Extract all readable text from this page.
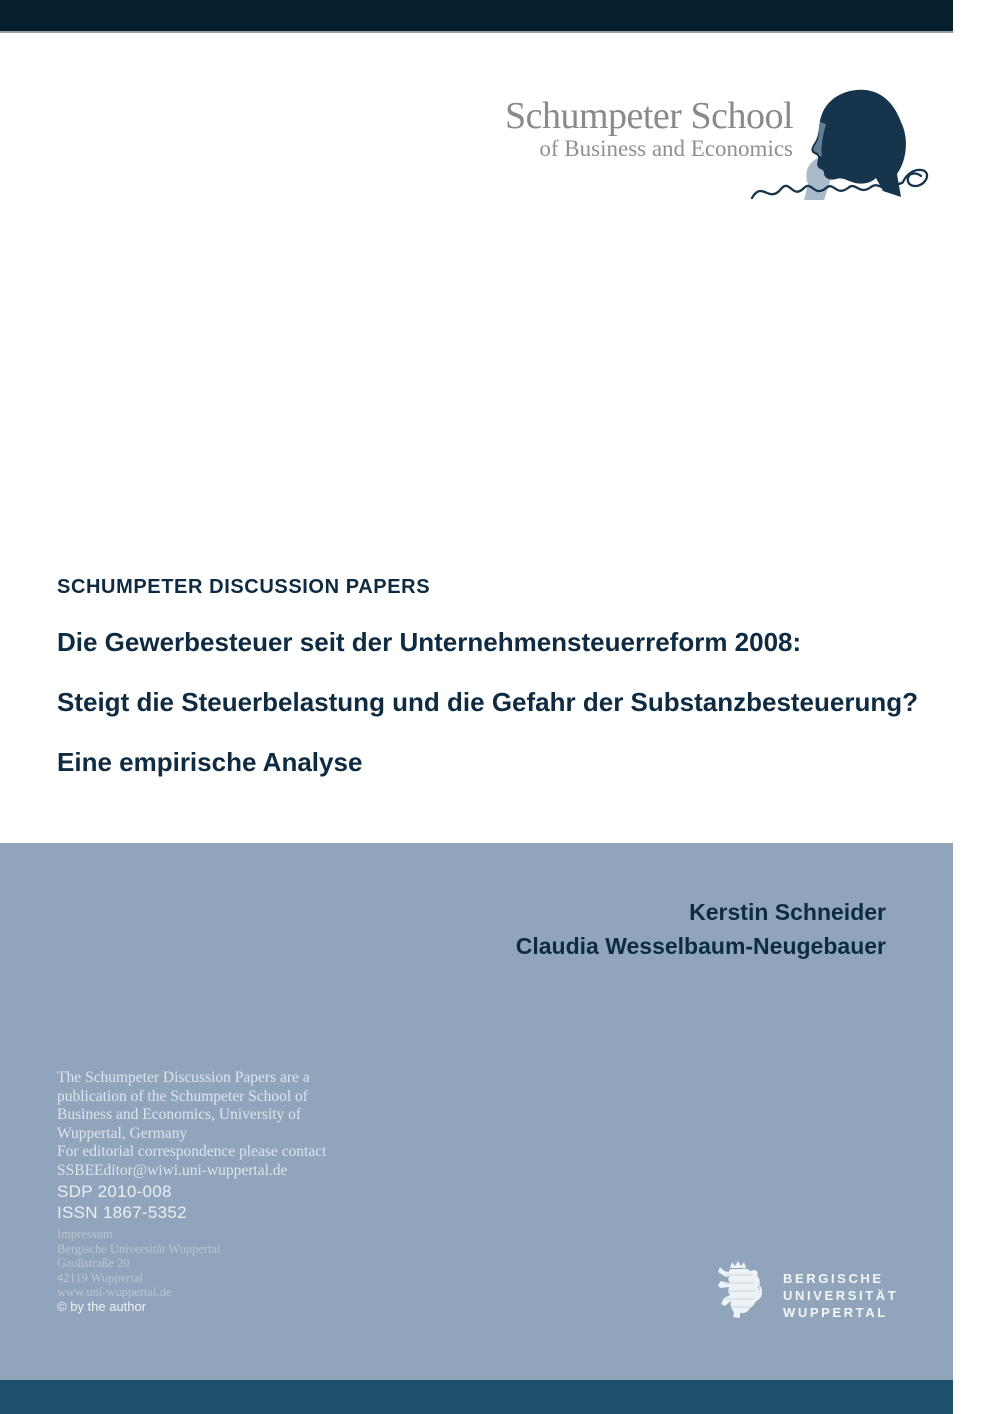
Schumpeter School
of Business and Economics
SCHUMPETER DISCUSSION PAPERS
Die Gewerbesteuer seit der Unternehmensteuerreform 2008:
Steigt die Steuerbelastung und die Gefahr der Substanzbesteuerung?
Eine empirische Analyse
Kerstin Schneider
Claudia Wesselbaum-Neugebauer
The Schumpeter Discussion Papers are a
publication of the Schumpeter School of
Business and Economics, University of
Wuppertal, Germany
For editorial correspondence please contact
SSBEEditor@wiwi.uni-wuppertal.de
SDP 2010-008
ISSN 1867-5352
Impressum
Bergische Universität Wuppertal
Gaußstraße 20
42119 Wuppertal
www.uni-wuppertal.de
© by the author
BERGISCHE
UNIVERSITÄT
WUPPERTAL
